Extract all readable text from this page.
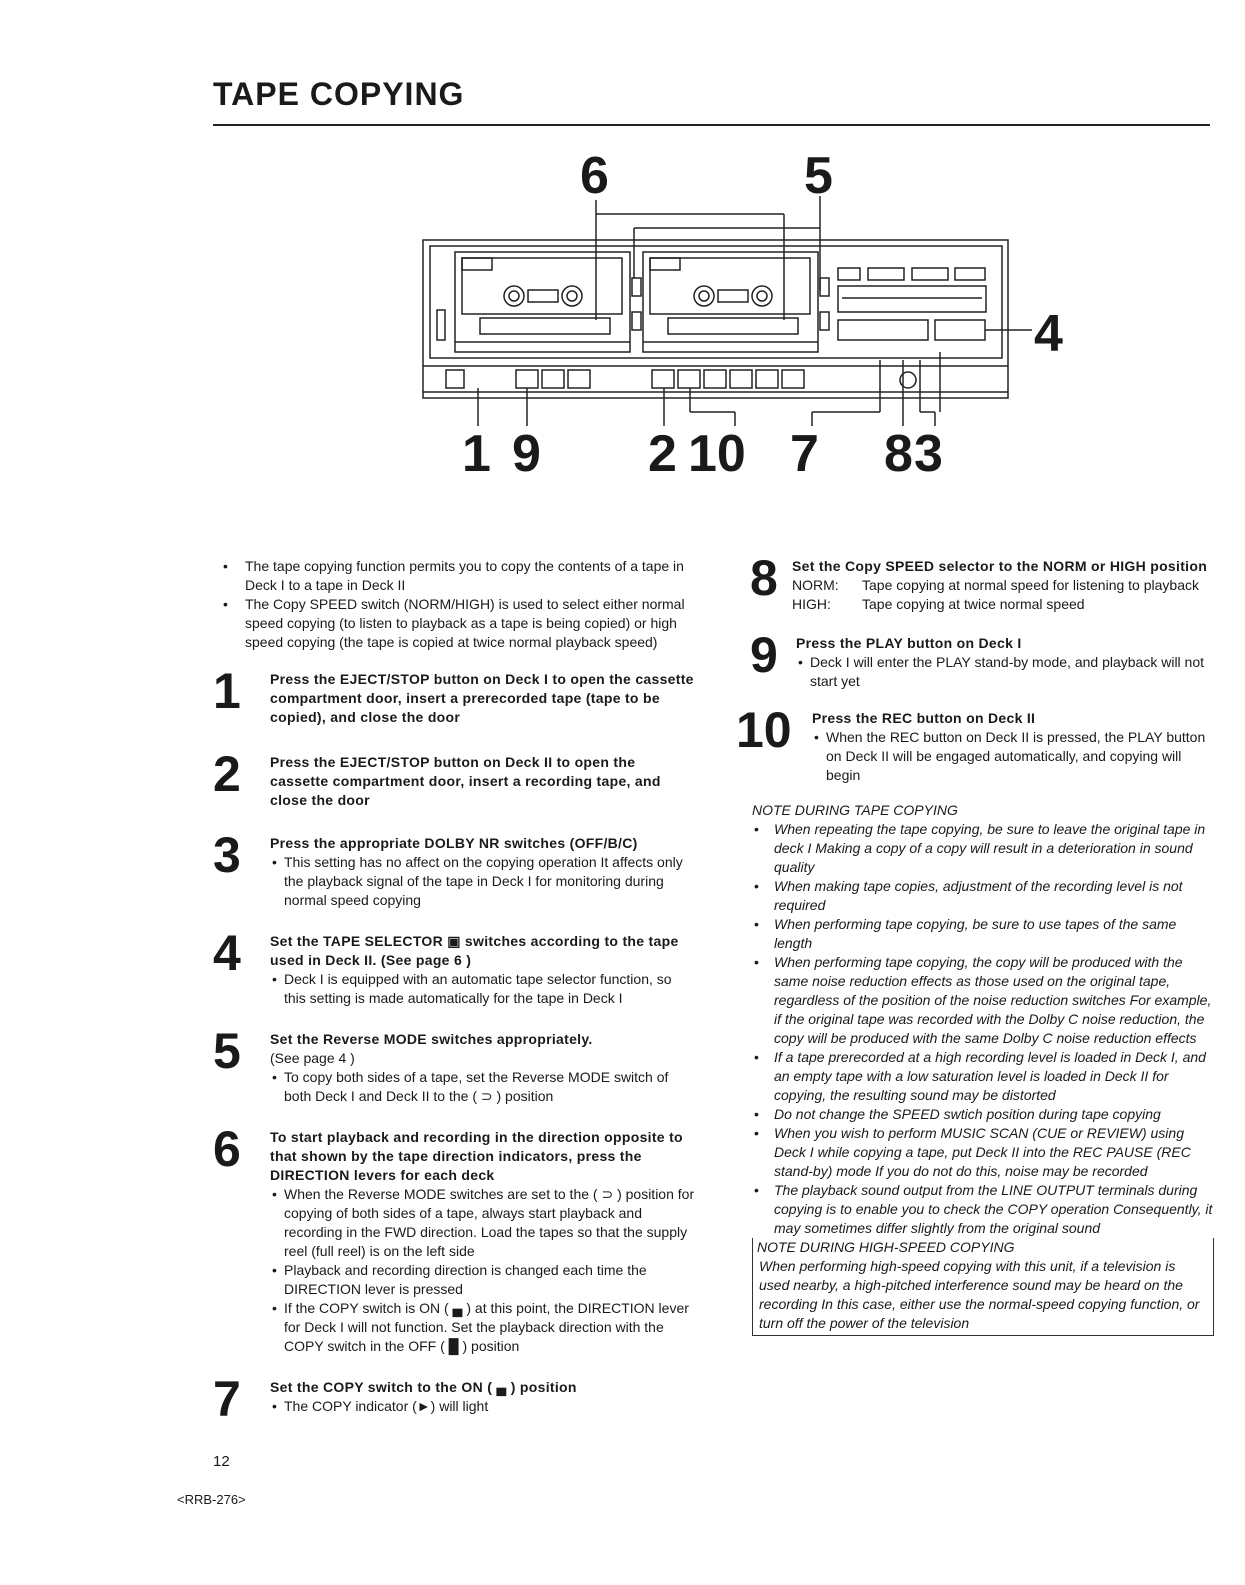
TAPE COPYING
6	5
4
1 9 2 10 7 8 3
• The tape copying function permits you to copy the contents of a tape in Deck I to a tape in Deck II
• The Copy SPEED switch (NORM/HIGH) is used to select either normal speed copying (to listen to playback as a tape is being copied) or high speed copying (the tape is copied at twice normal playback speed)
1 Press the EJECT/STOP button on Deck I to open the cassette compartment door, insert a prerecorded tape (tape to be copied), and close the door
2 Press the EJECT/STOP button on Deck II to open the cassette compartment door, insert a recording tape, and close the door
3 Press the appropriate DOLBY NR switches (OFF/B/C)
• This setting has no affect on the copying operation It affects only the playback signal of the tape in Deck I for monitoring during normal speed copying
4 Set the TAPE SELECTOR ▣ switches according to the tape used in Deck II. (See page 6 )
• Deck I is equipped with an automatic tape selector function, so this setting is made automatically for the tape in Deck I
5 Set the Reverse MODE switches appropriately.
(See page 4 )
• To copy both sides of a tape, set the Reverse MODE switch of both Deck I and Deck II to the ( ⊃ ) position
6 To start playback and recording in the direction opposite to that shown by the tape direction indicators, press the DIRECTION levers for each deck
• When the Reverse MODE switches are set to the ( ⊃ ) position for copying of both sides of a tape, always start playback and recording in the FWD direction. Load the tapes so that the supply reel (full reel) is on the left side
• Playback and recording direction is changed each time the DIRECTION lever is pressed
• If the COPY switch is ON ( ▄ ) at this point, the DIRECTION lever for Deck I will not function. Set the playback direction with the COPY switch in the OFF ( █ ) position
7 Set the COPY switch to the ON ( ▄ ) position
• The COPY indicator (►) will light
8 Set the Copy SPEED selector to the NORM or HIGH position
NORM:	Tape copying at normal speed for listening to playback
HIGH:	Tape copying at twice normal speed
9 Press the PLAY button on Deck I
• Deck I will enter the PLAY stand-by mode, and playback will not start yet
10 Press the REC button on Deck II
• When the REC button on Deck II is pressed, the PLAY button on Deck II will be engaged automatically, and copying will begin
NOTE DURING TAPE COPYING
• When repeating the tape copying, be sure to leave the original tape in deck I Making a copy of a copy will result in a deterioration in sound quality
• When making tape copies, adjustment of the recording level is not required
• When performing tape copying, be sure to use tapes of the same length
• When performing tape copying, the copy will be produced with the same noise reduction effects as those used on the original tape, regardless of the position of the noise reduction switches For example, if the original tape was recorded with the Dolby C noise reduction, the copy will be produced with the same Dolby C noise reduction effects
• If a tape prerecorded at a high recording level is loaded in Deck I, and an empty tape with a low saturation level is loaded in Deck II for copying, the resulting sound may be distorted
• Do not change the SPEED swtich position during tape copying
• When you wish to perform MUSIC SCAN (CUE or REVIEW) using Deck I while copying a tape, put Deck II into the REC PAUSE (REC stand-by) mode If you do not do this, noise may be recorded
• The playback sound output from the LINE OUTPUT terminals during copying is to enable you to check the COPY operation Consequently, it may sometimes differ slightly from the original sound
NOTE DURING HIGH-SPEED COPYING
When performing high-speed copying with this unit, if a television is used nearby, a high-pitched interference sound may be heard on the recording In this case, either use the normal-speed copying function, or turn off the power of the television
12
<RRB-276>
